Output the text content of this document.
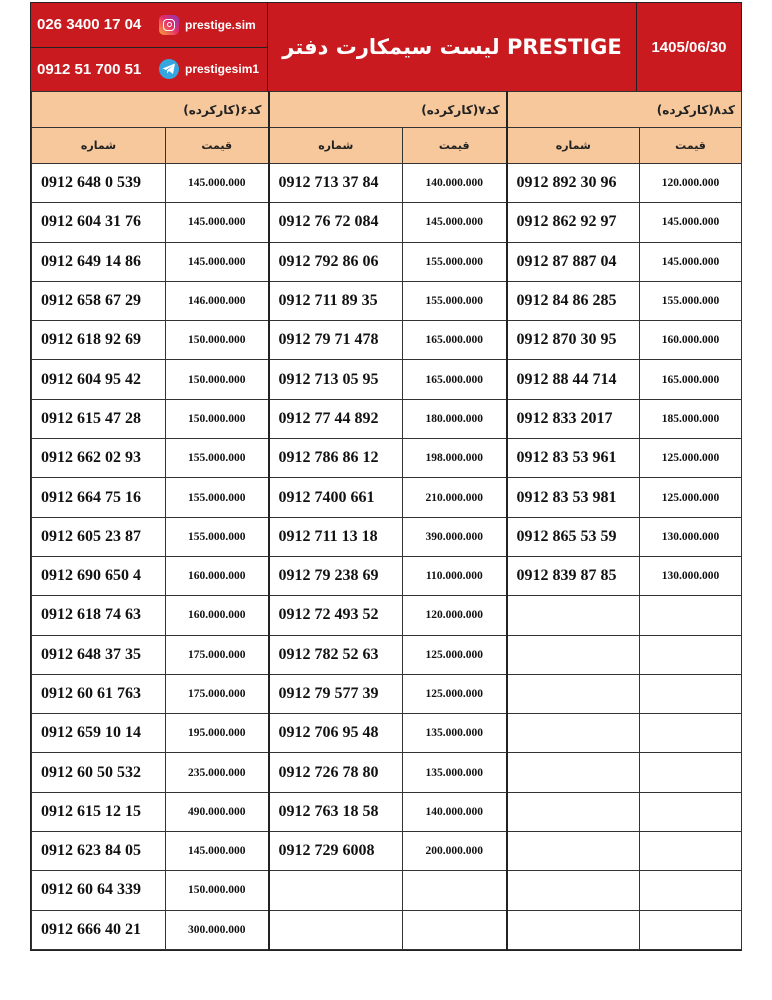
026 3400 17 04	prestige.sim
0912 51 700 51	prestigesim1
PRESTIGE لیست سیمکارت دفتر	1405/06/30
کد۶(کارکرده)		کد۷(کارکرده)		کد۸(کارکرده)	
شماره	قیمت	شماره	قیمت	شماره	قیمت
0912 648 0 539	145.000.000	0912 713 37 84	140.000.000	0912 892 30 96	120.000.000
0912 604 31 76	145.000.000	0912 76 72 084	145.000.000	0912 862 92 97	145.000.000
0912 649 14 86	145.000.000	0912 792 86 06	155.000.000	0912 87 887 04	145.000.000
0912 658 67 29	146.000.000	0912 711 89 35	155.000.000	0912 84 86 285	155.000.000
0912 618 92 69	150.000.000	0912 79 71 478	165.000.000	0912 870 30 95	160.000.000
0912 604 95 42	150.000.000	0912 713 05 95	165.000.000	0912 88 44 714	165.000.000
0912 615 47 28	150.000.000	0912 77 44 892	180.000.000	0912 833 2017	185.000.000
0912 662 02 93	155.000.000	0912 786 86 12	198.000.000	0912 83 53 961	125.000.000
0912 664 75 16	155.000.000	0912 7400 661	210.000.000	0912 83 53 981	125.000.000
0912 605 23 87	155.000.000	0912 711 13 18	390.000.000	0912 865 53 59	130.000.000
0912 690 650 4	160.000.000	0912 79 238 69	110.000.000	0912 839 87 85	130.000.000
0912 618 74 63	160.000.000	0912 72 493 52	120.000.000		
0912 648 37 35	175.000.000	0912 782 52 63	125.000.000		
0912 60 61 763	175.000.000	0912 79 577 39	125.000.000		
0912 659 10 14	195.000.000	0912 706 95 48	135.000.000		
0912 60 50 532	235.000.000	0912 726 78 80	135.000.000		
0912 615 12 15	490.000.000	0912 763 18 58	140.000.000		
0912 623 84 05	145.000.000	0912 729 6008	200.000.000		
0912 60 64 339	150.000.000				
0912 666 40 21	300.000.000				
